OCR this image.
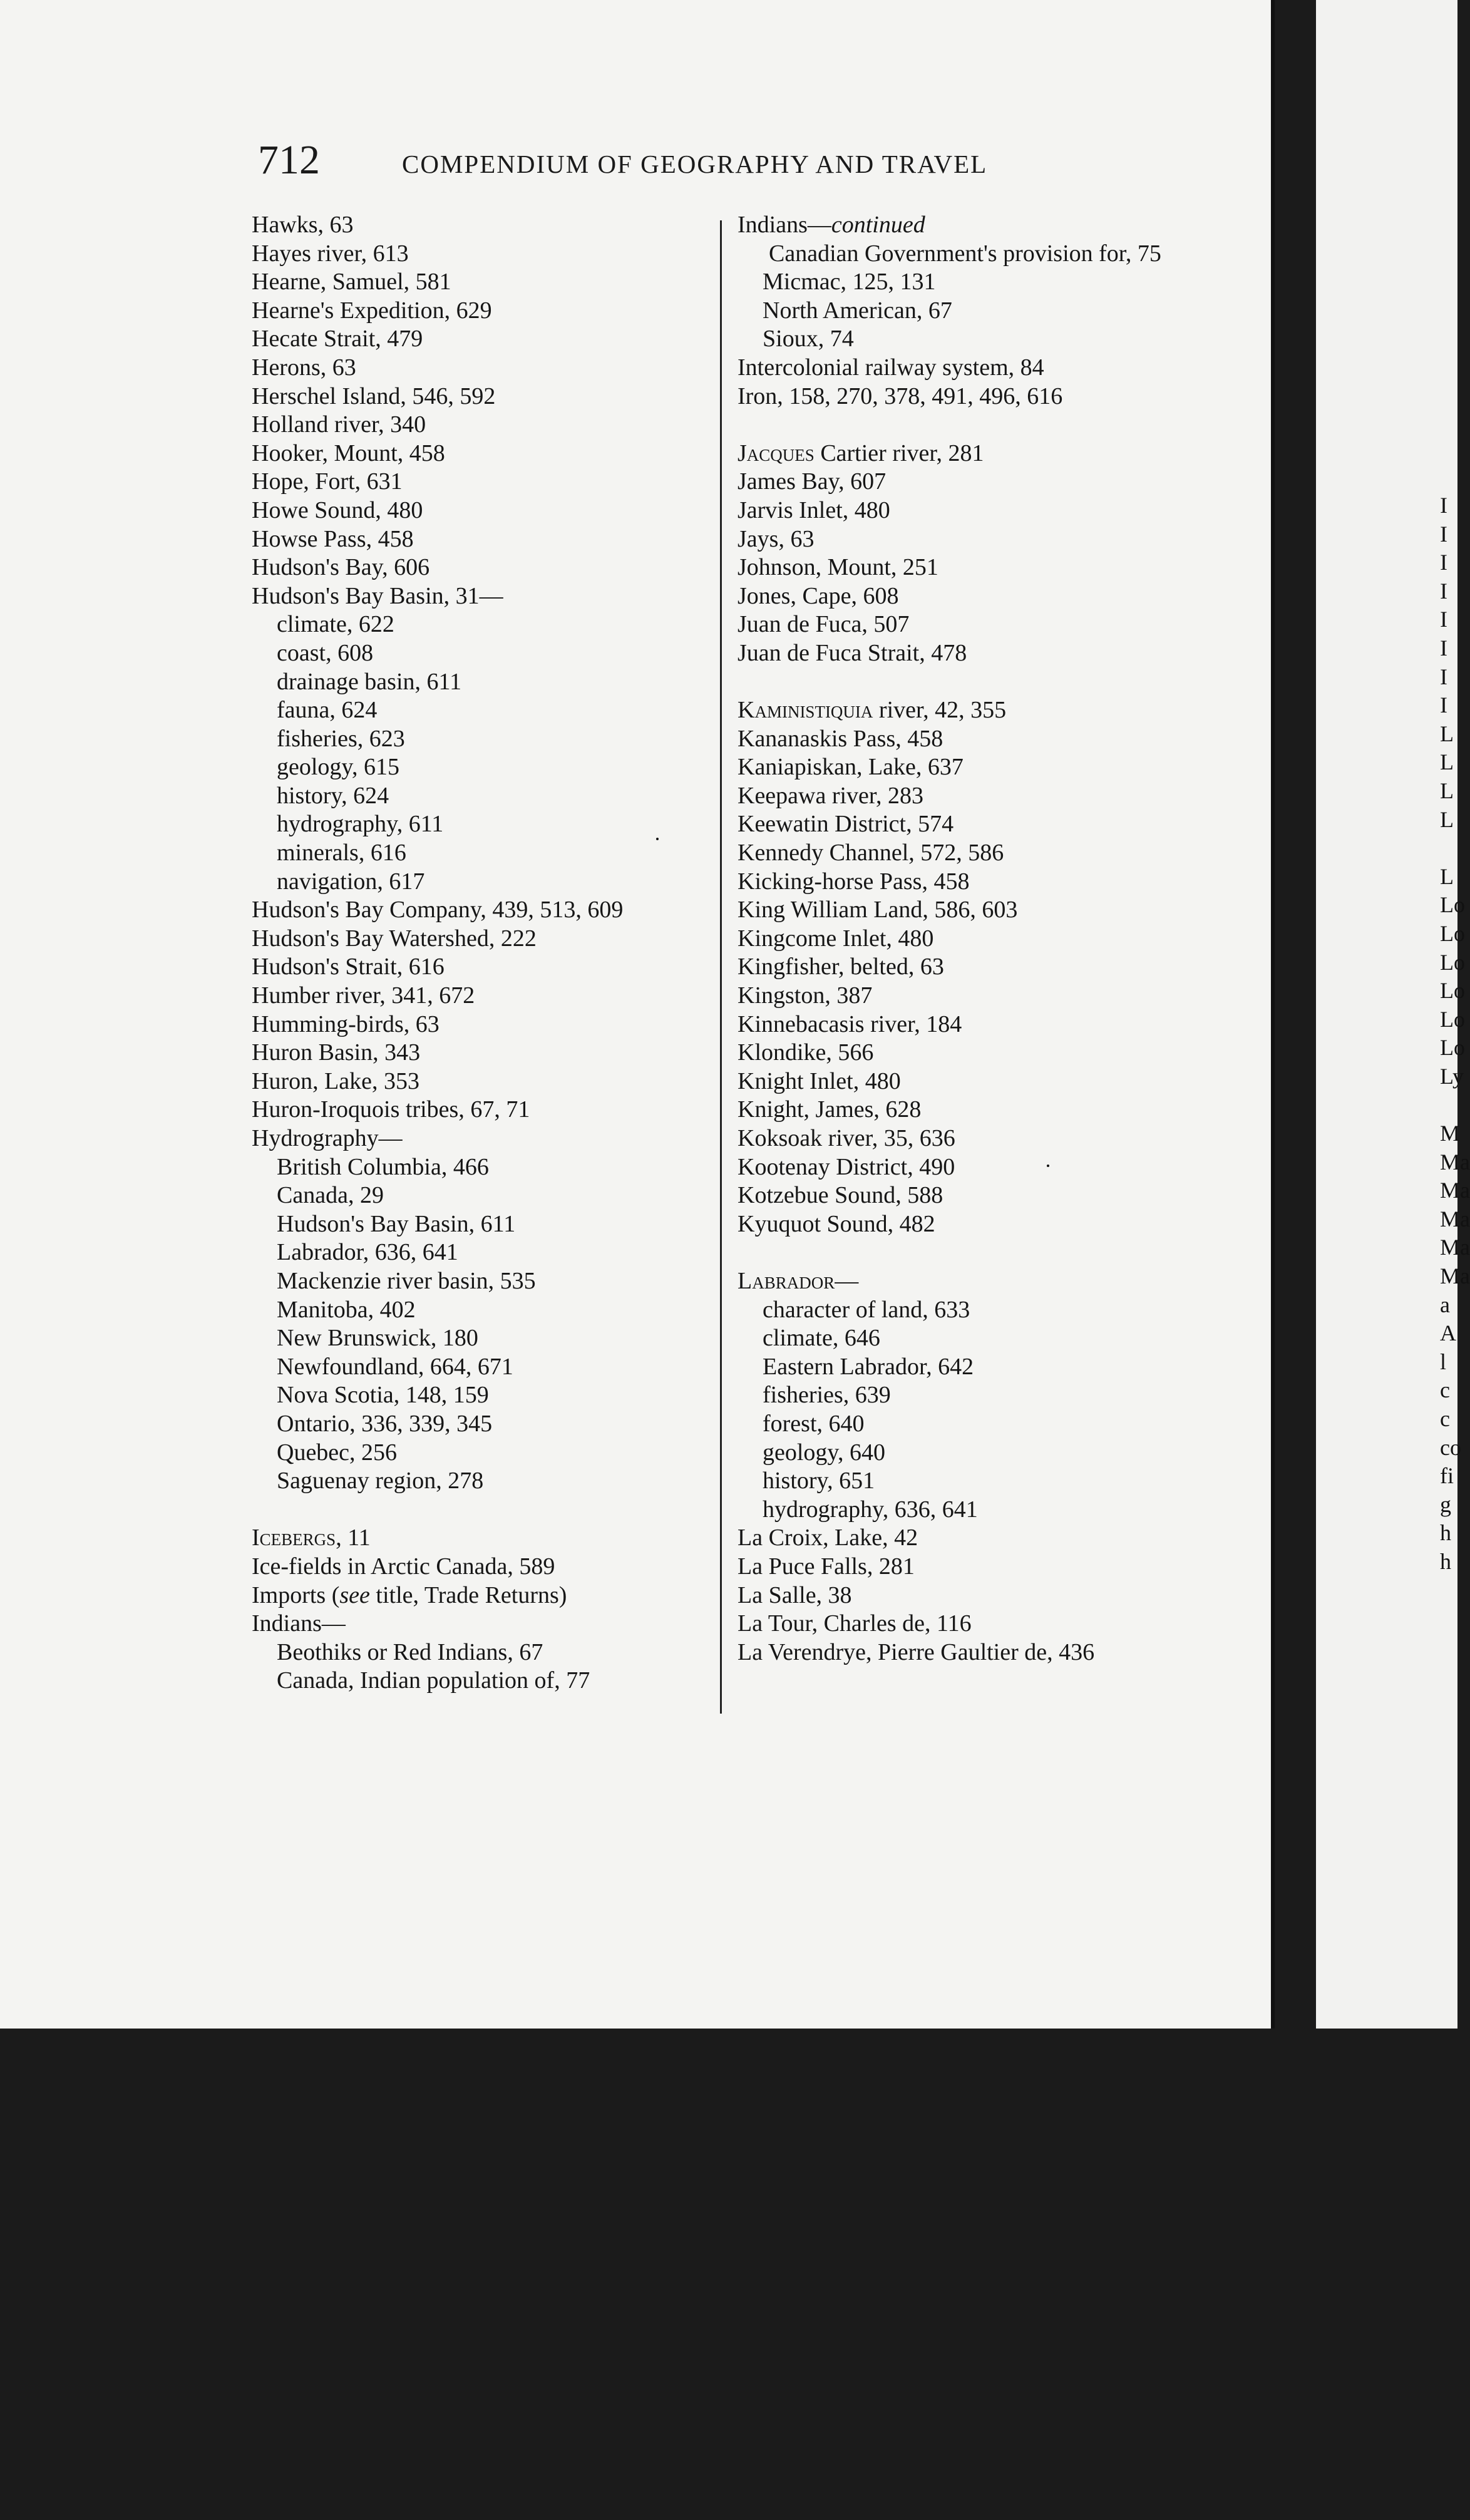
712	COMPENDIUM OF GEOGRAPHY AND TRAVEL
Hawks, 63
Hayes river, 613
Hearne, Samuel, 581
Hearne's Expedition, 629
Hecate Strait, 479
Herons, 63
Herschel Island, 546, 592
Holland river, 340
Hooker, Mount, 458
Hope, Fort, 631
Howe Sound, 480
Howse Pass, 458
Hudson's Bay, 606
Hudson's Bay Basin, 31—
climate, 622
coast, 608
drainage basin, 611
fauna, 624
fisheries, 623
geology, 615
history, 624
hydrography, 611
minerals, 616
navigation, 617
Hudson's Bay Company, 439, 513, 609
Hudson's Bay Watershed, 222
Hudson's Strait, 616
Humber river, 341, 672
Humming-birds, 63
Huron Basin, 343
Huron, Lake, 353
Huron-Iroquois tribes, 67, 71
Hydrography—
British Columbia, 466
Canada, 29
Hudson's Bay Basin, 611
Labrador, 636, 641
Mackenzie river basin, 535
Manitoba, 402
New Brunswick, 180
Newfoundland, 664, 671
Nova Scotia, 148, 159
Ontario, 336, 339, 345
Quebec, 256
Saguenay region, 278
Icebergs, 11
Ice-fields in Arctic Canada, 589
Imports (see title, Trade Returns)
Indians—
Beothiks or Red Indians, 67
Canada, Indian population of, 77
Indians—continued
Canadian Government's provision for, 75
Micmac, 125, 131
North American, 67
Sioux, 74
Intercolonial railway system, 84
Iron, 158, 270, 378, 491, 496, 616
Jacques Cartier river, 281
James Bay, 607
Jarvis Inlet, 480
Jays, 63
Johnson, Mount, 251
Jones, Cape, 608
Juan de Fuca, 507
Juan de Fuca Strait, 478
Kaministiquia river, 42, 355
Kananaskis Pass, 458
Kaniapiskan, Lake, 637
Keepawa river, 283
Keewatin District, 574
Kennedy Channel, 572, 586
Kicking-horse Pass, 458
King William Land, 586, 603
Kingcome Inlet, 480
Kingfisher, belted, 63
Kingston, 387
Kinnebacasis river, 184
Klondike, 566
Knight Inlet, 480
Knight, James, 628
Koksoak river, 35, 636
Kootenay District, 490
Kotzebue Sound, 588
Kyuquot Sound, 482
Labrador—
character of land, 633
climate, 646
Eastern Labrador, 642
fisheries, 639
forest, 640
geology, 640
history, 651
hydrography, 636, 641
La Croix, Lake, 42
La Puce Falls, 281
La Salle, 38
La Tour, Charles de, 116
La Verendrye, Pierre Gaultier de, 436
I
I
I
I
I
I
I
I
L
L
L
L
L
Lo
Lo
Lo
Lo
Lo
Lo
Ly
M
Ma
Ma
Ma
Ma
Ma
a
A
l
c
c
co
fi
g
h
h
